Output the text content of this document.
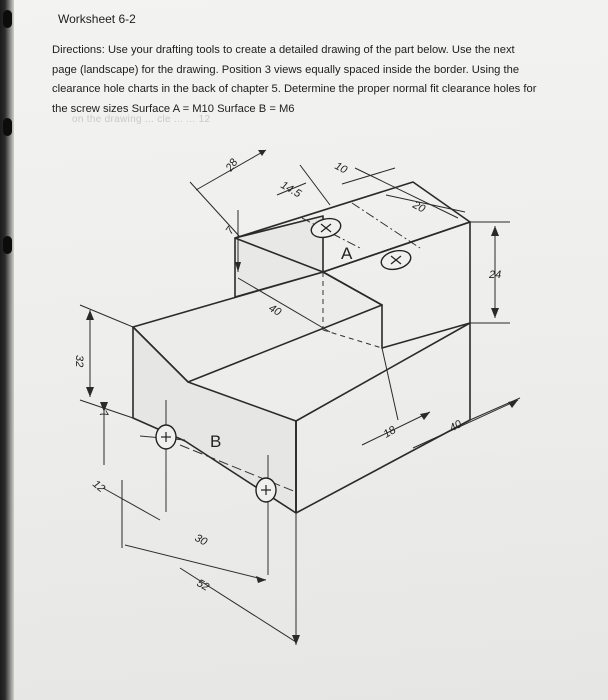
Worksheet 6-2

Directions: Use your drafting tools to create a detailed drawing of the part below. Use the next page (landscape) for the drawing. Position 3 views equally spaced inside the border. Using the clearance hole charts in the back of chapter 5. Determine the proper normal fit clearance holes for the screw sizes Surface A = M10 Surface B = M6

on the drawing ... cle ... ... 12
28
14.5
10
20
7
40
24
32
7
12
30
52
18	40
A
B
